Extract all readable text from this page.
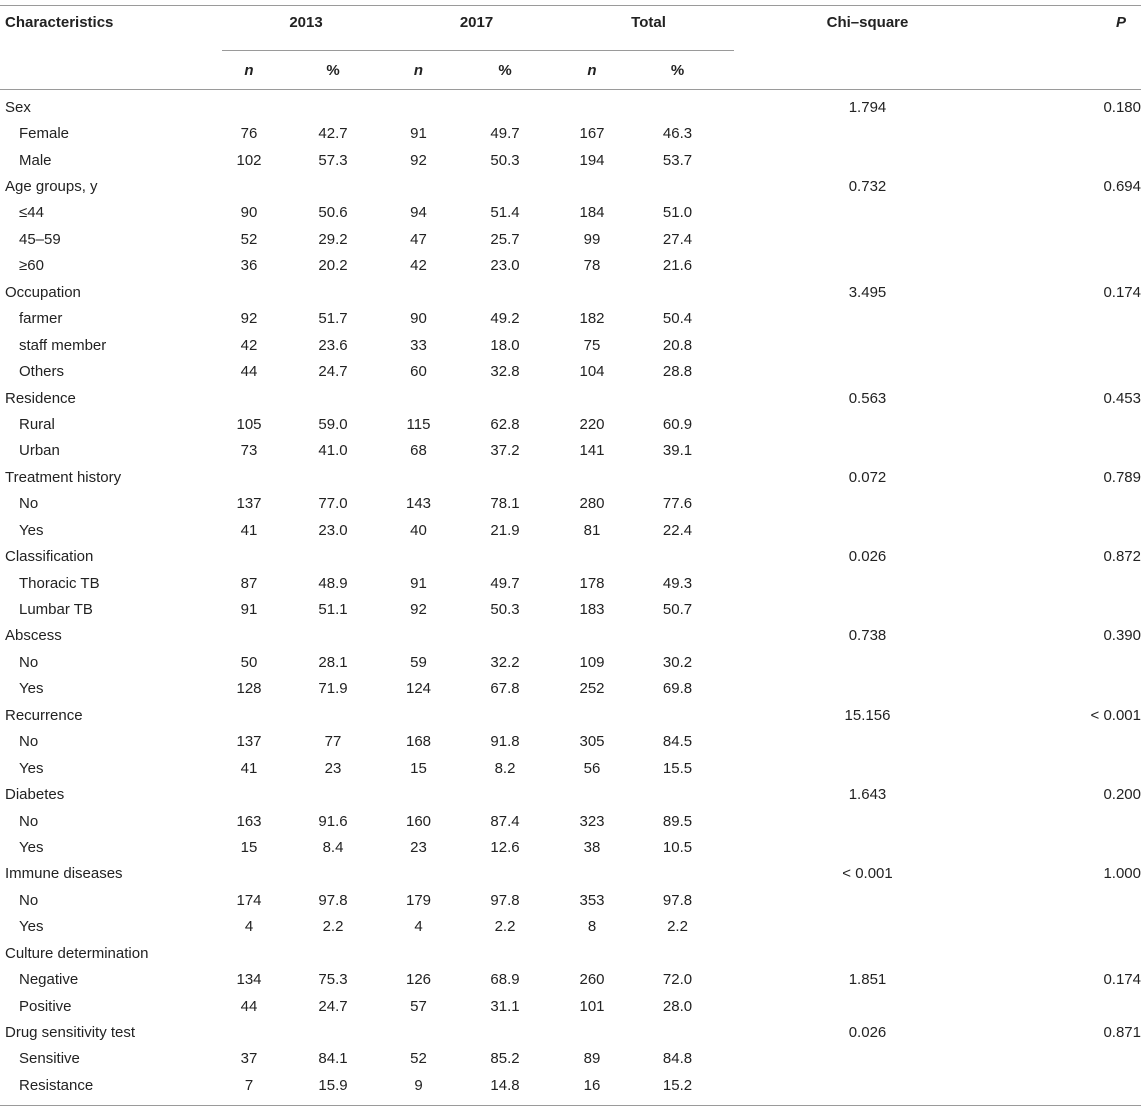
Characteristics	2013		2017		Total			Chi–square	P
	n	%	n	%	n	%			
Sex								1.794	0.180
Female	76	42.7	91	49.7	167	46.3			
Male	102	57.3	92	50.3	194	53.7			
Age groups, y								0.732	0.694
≤44	90	50.6	94	51.4	184	51.0			
45–59	52	29.2	47	25.7	99	27.4			
≥60	36	20.2	42	23.0	78	21.6			
Occupation								3.495	0.174
farmer	92	51.7	90	49.2	182	50.4			
staff member	42	23.6	33	18.0	75	20.8			
Others	44	24.7	60	32.8	104	28.8			
Residence								0.563	0.453
Rural	105	59.0	115	62.8	220	60.9			
Urban	73	41.0	68	37.2	141	39.1			
Treatment history								0.072	0.789
No	137	77.0	143	78.1	280	77.6			
Yes	41	23.0	40	21.9	81	22.4			
Classification								0.026	0.872
Thoracic TB	87	48.9	91	49.7	178	49.3			
Lumbar TB	91	51.1	92	50.3	183	50.7			
Abscess								0.738	0.390
No	50	28.1	59	32.2	109	30.2			
Yes	128	71.9	124	67.8	252	69.8			
Recurrence								15.156	< 0.001
No	137	77	168	91.8	305	84.5			
Yes	41	23	15	8.2	56	15.5			
Diabetes								1.643	0.200
No	163	91.6	160	87.4	323	89.5			
Yes	15	8.4	23	12.6	38	10.5			
Immune diseases								< 0.001	1.000
No	174	97.8	179	97.8	353	97.8			
Yes	4	2.2	4	2.2	8	2.2			
Culture determination									
Negative	134	75.3	126	68.9	260	72.0		1.851	0.174
Positive	44	24.7	57	31.1	101	28.0			
Drug sensitivity test								0.026	0.871
Sensitive	37	84.1	52	85.2	89	84.8			
Resistance	7	15.9	9	14.8	16	15.2			
